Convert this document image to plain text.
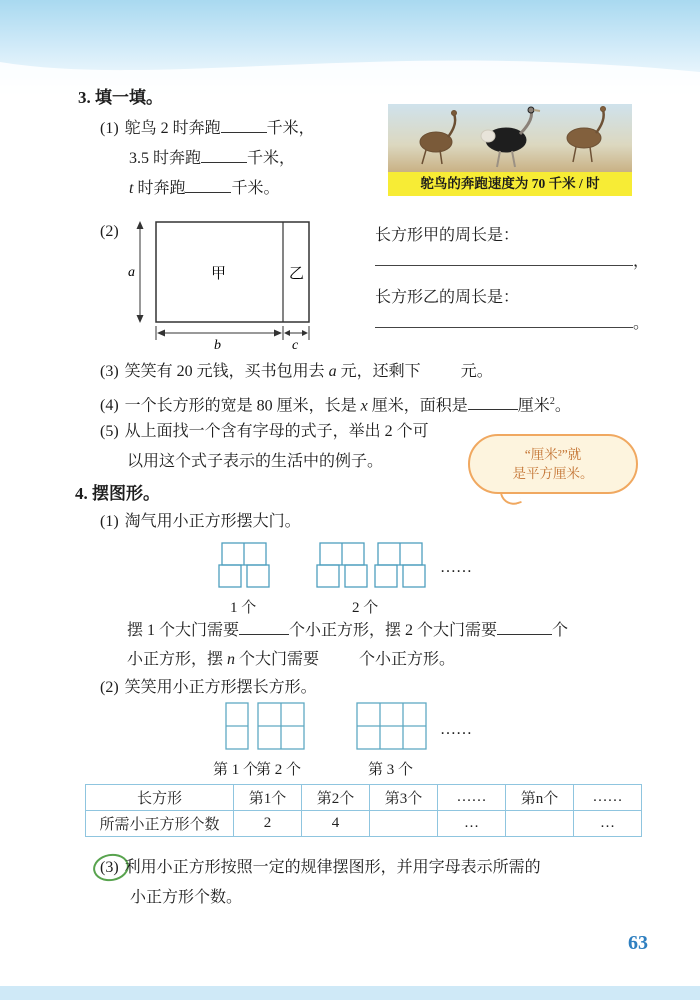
3. 填一填。
(1) 鸵鸟 2 时奔跑	千米，
3.5 时奔跑	千米，
t 时奔跑	千米。	鸵鸟的奔跑速度为 70 千米 / 时
(2)
甲	乙
a
b	c
长方形甲的周长是：
，
长方形乙的周长是：
。
(3) 笑笑有 20 元钱，买书包用去 a 元，还剩下	元。
(4) 一个长方形的宽是 80 厘米，长是 x 厘米，面积是	厘米$^2$。
(5) 从上面找一个含有字母的式子，举出 2 个可
以用这个式子表示的生活中的例子。	“厘米²”就
是平方厘米。
4. 摆图形。
(1) 淘气用小正方形摆大门。
……
1 个	2 个
摆 1 个大门需要	个小正方形，摆 2 个大门需要	个
小正方形，摆 n 个大门需要	个小正方形。
(2) 笑笑用小正方形摆长方形。
……
第 1 个
第 2 个	第 3 个
长方形	第1个	第2个	第3个	……	第n个	……
所需小正方形个数	2	4		…		…
(3) 利用小正方形按照一定的规律摆图形，并用字母表示所需的
小正方形个数。
63
